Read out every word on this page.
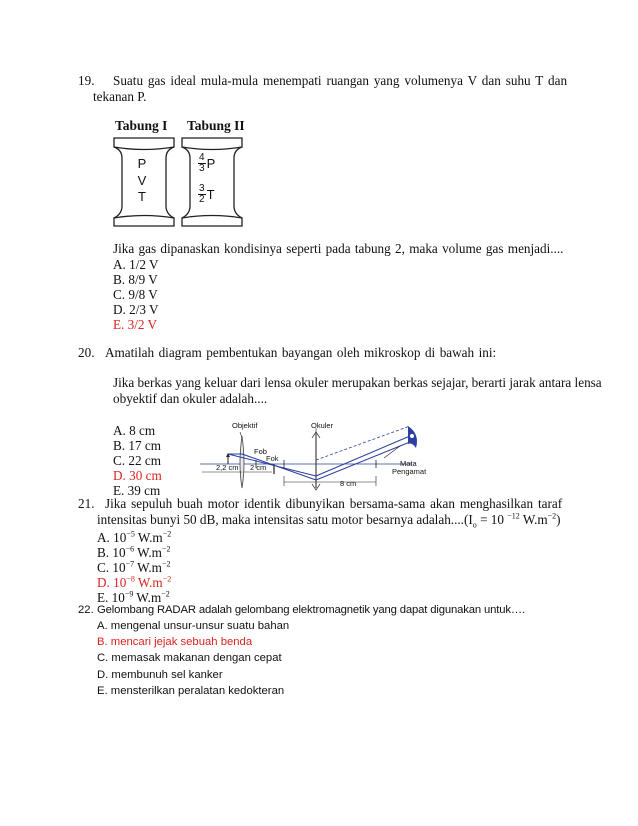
19. Suatu gas ideal mula-mula menempati ruangan yang volumenya V dan suhu T dan
tekanan P.
Tabung I Tabung II
P
V
T
$\frac{4}{3}$ P
$\frac{3}{2}$ T
Jika gas dipanaskan kondisinya seperti pada tabung 2, maka volume gas menjadi....
A. 1/2 V
B. 8/9 V
C. 9/8 V
D. 2/3 V
E. 3/2 V
20. Amatilah diagram pembentukan bayangan oleh mikroskop di bawah ini:
Jika berkas yang keluar dari lensa okuler merupakan berkas sejajar, berarti jarak antara lensa
obyektif dan okuler adalah....
A. 8 cm
B. 17 cm
C. 22 cm
D. 30 cm
E. 39 cm
Objektif	Okuler
Fob
Fok
2,2 cm 2 cm
8 cm
Mata
Pengamat
21. Jika sepuluh buah motor identik dibunyikan bersama-sama akan menghasilkan taraf
intensitas bunyi 50 dB, maka intensitas satu motor besarnya $adalah....(I_o = 10$ $^{-12}$ $W.m^{-2}$)
A. $10^{-5}$ $W.m^{-2}$
B. $10^{-6}$ $W.m^{-2}$
C. $10^{-7}$ $W.m^{-2}$
D. $10^{-8}$ $W.m^{-2}$
E. $10^{-9}$ $W.m^{-2}$
22. Gelombang RADAR adalah gelombang elektromagnetik yang dapat digunakan untuk….
A. mengenal unsur-unsur suatu bahan
B. mencari jejak sebuah benda
C. memasak makanan dengan cepat
D. membunuh sel kanker
E. mensterilkan peralatan kedokteran
